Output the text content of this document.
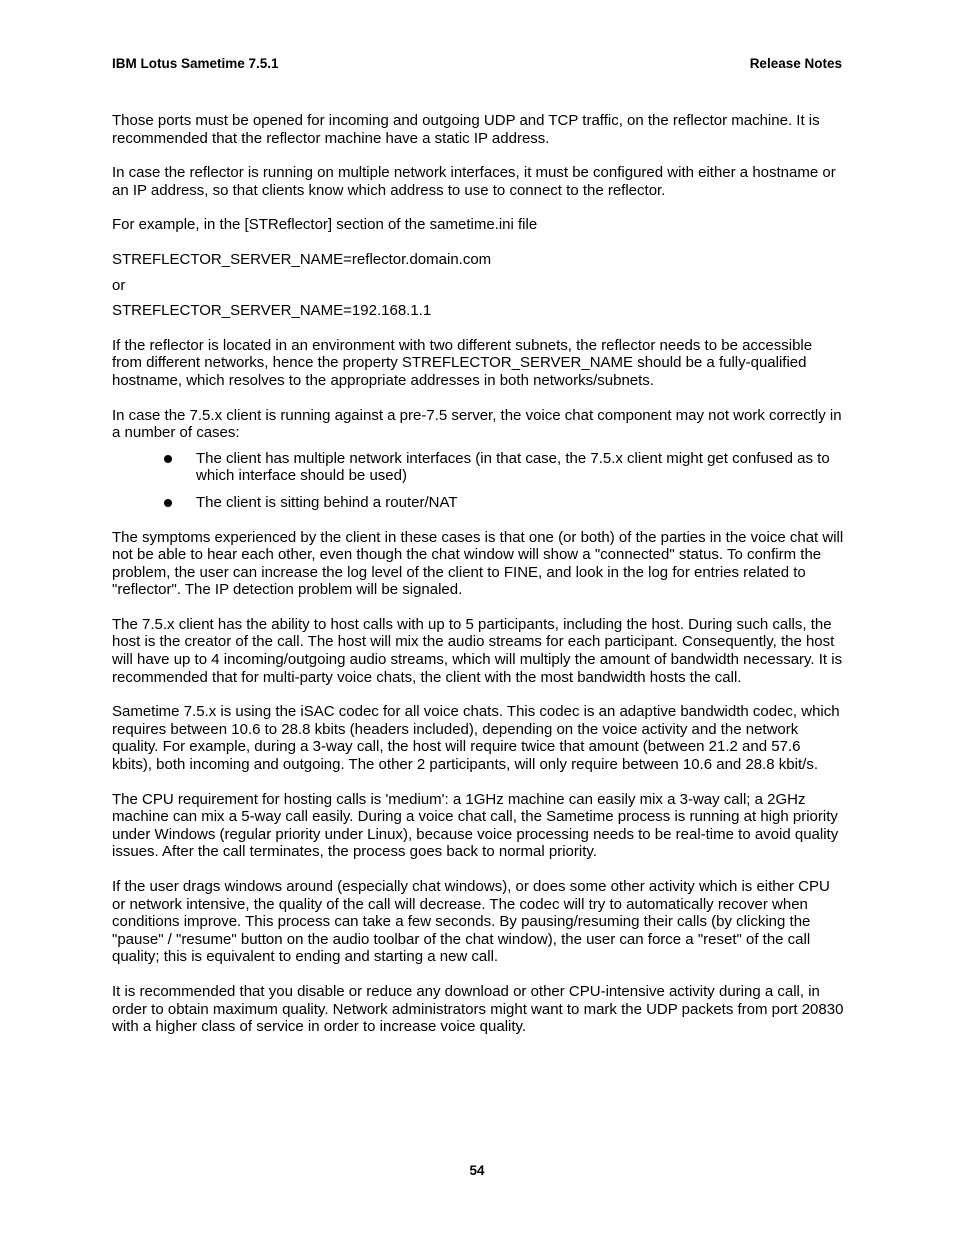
IBM Lotus Sametime 7.5.1	Release Notes

Those ports must be opened for incoming and outgoing UDP and TCP traffic, on the reflector machine. It is recommended that the reflector machine have a static IP address.

In case the reflector is running on multiple network interfaces, it must be configured with either a hostname or an IP address, so that clients know which address to use to connect to the reflector.

For example, in the [STReflector] section of the sametime.ini file

STREFLECTOR_SERVER_NAME=reflector.domain.com

or

STREFLECTOR_SERVER_NAME=192.168.1.1

If the reflector is located in an environment with two different subnets, the reflector needs to be accessible from different networks, hence the property STREFLECTOR_SERVER_NAME should be a fully-qualified hostname, which resolves to the appropriate addresses in both networks/subnets.

In case the 7.5.x client is running against a pre-7.5 server, the voice chat component may not work correctly in a number of cases:

The client has multiple network interfaces (in that case, the 7.5.x client might get confused as to which interface should be used)
The client is sitting behind a router/NAT

The symptoms experienced by the client in these cases is that one (or both) of the parties in the voice chat will not be able to hear each other, even though the chat window will show a "connected" status. To confirm the problem, the user can increase the log level of the client to FINE, and look in the log for entries related to "reflector". The IP detection problem will be signaled.

The 7.5.x client has the ability to host calls with up to 5 participants, including the host. During such calls, the host is the creator of the call. The host will mix the audio streams for each participant. Consequently, the host will have up to 4 incoming/outgoing audio streams, which will multiply the amount of bandwidth necessary. It is recommended that for multi-party voice chats, the client with the most bandwidth hosts the call.

Sametime 7.5.x is using the iSAC codec for all voice chats. This codec is an adaptive bandwidth codec, which requires between 10.6 to 28.8 kbits (headers included), depending on the voice activity and the network quality. For example, during a 3-way call, the host will require twice that amount (between 21.2 and 57.6 kbits), both incoming and outgoing. The other 2 participants, will only require between 10.6 and 28.8 kbit/s.

The CPU requirement for hosting calls is 'medium': a 1GHz machine can easily mix a 3-way call; a 2GHz machine can mix a 5-way call easily. During a voice chat call, the Sametime process is running at high priority under Windows (regular priority under Linux), because voice processing needs to be real-time to avoid quality issues. After the call terminates, the process goes back to normal priority.

If the user drags windows around (especially chat windows), or does some other activity which is either CPU or network intensive, the quality of the call will decrease. The codec will try to automatically recover when conditions improve. This process can take a few seconds. By pausing/resuming their calls (by clicking the "pause" / "resume" button on the audio toolbar of the chat window), the user can force a "reset" of the call quality; this is equivalent to ending and starting a new call.

It is recommended that you disable or reduce any download or other CPU-intensive activity during a call, in order to obtain maximum quality. Network administrators might want to mark the UDP packets from port 20830 with a higher class of service in order to increase voice quality.

54
